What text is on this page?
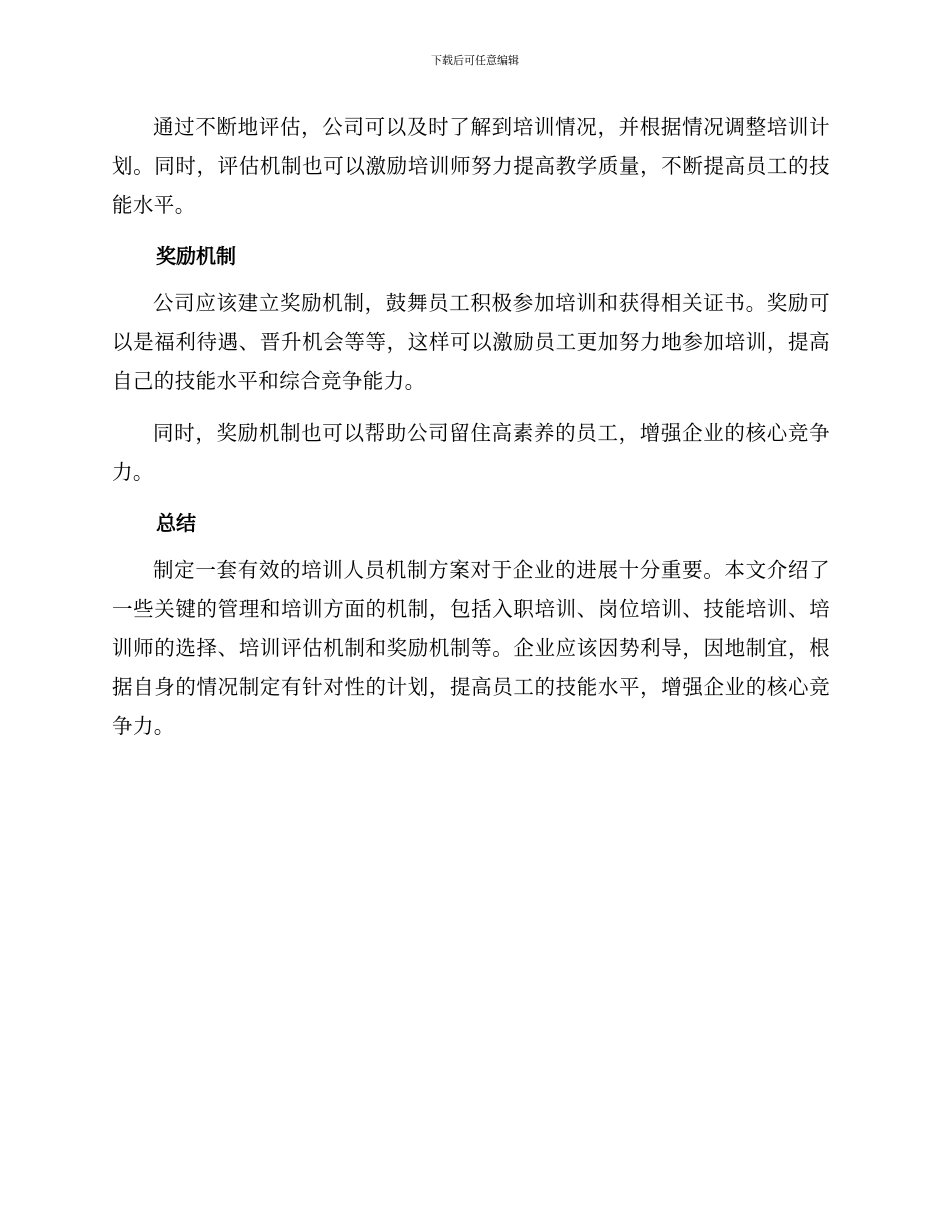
下载后可任意编辑

通过不断地评估，公司可以及时了解到培训情况，并根据情况调整培训计划。同时，评估机制也可以激励培训师努力提高教学质量，不断提高员工的技能水平。

奖励机制

公司应该建立奖励机制，鼓舞员工积极参加培训和获得相关证书。奖励可以是福利待遇、晋升机会等等，这样可以激励员工更加努力地参加培训，提高自己的技能水平和综合竞争能力。

同时，奖励机制也可以帮助公司留住高素养的员工，增强企业的核心竞争力。

总结

制定一套有效的培训人员机制方案对于企业的进展十分重要。本文介绍了一些关键的管理和培训方面的机制，包括入职培训、岗位培训、技能培训、培训师的选择、培训评估机制和奖励机制等。企业应该因势利导，因地制宜，根据自身的情况制定有针对性的计划，提高员工的技能水平，增强企业的核心竞争力。
